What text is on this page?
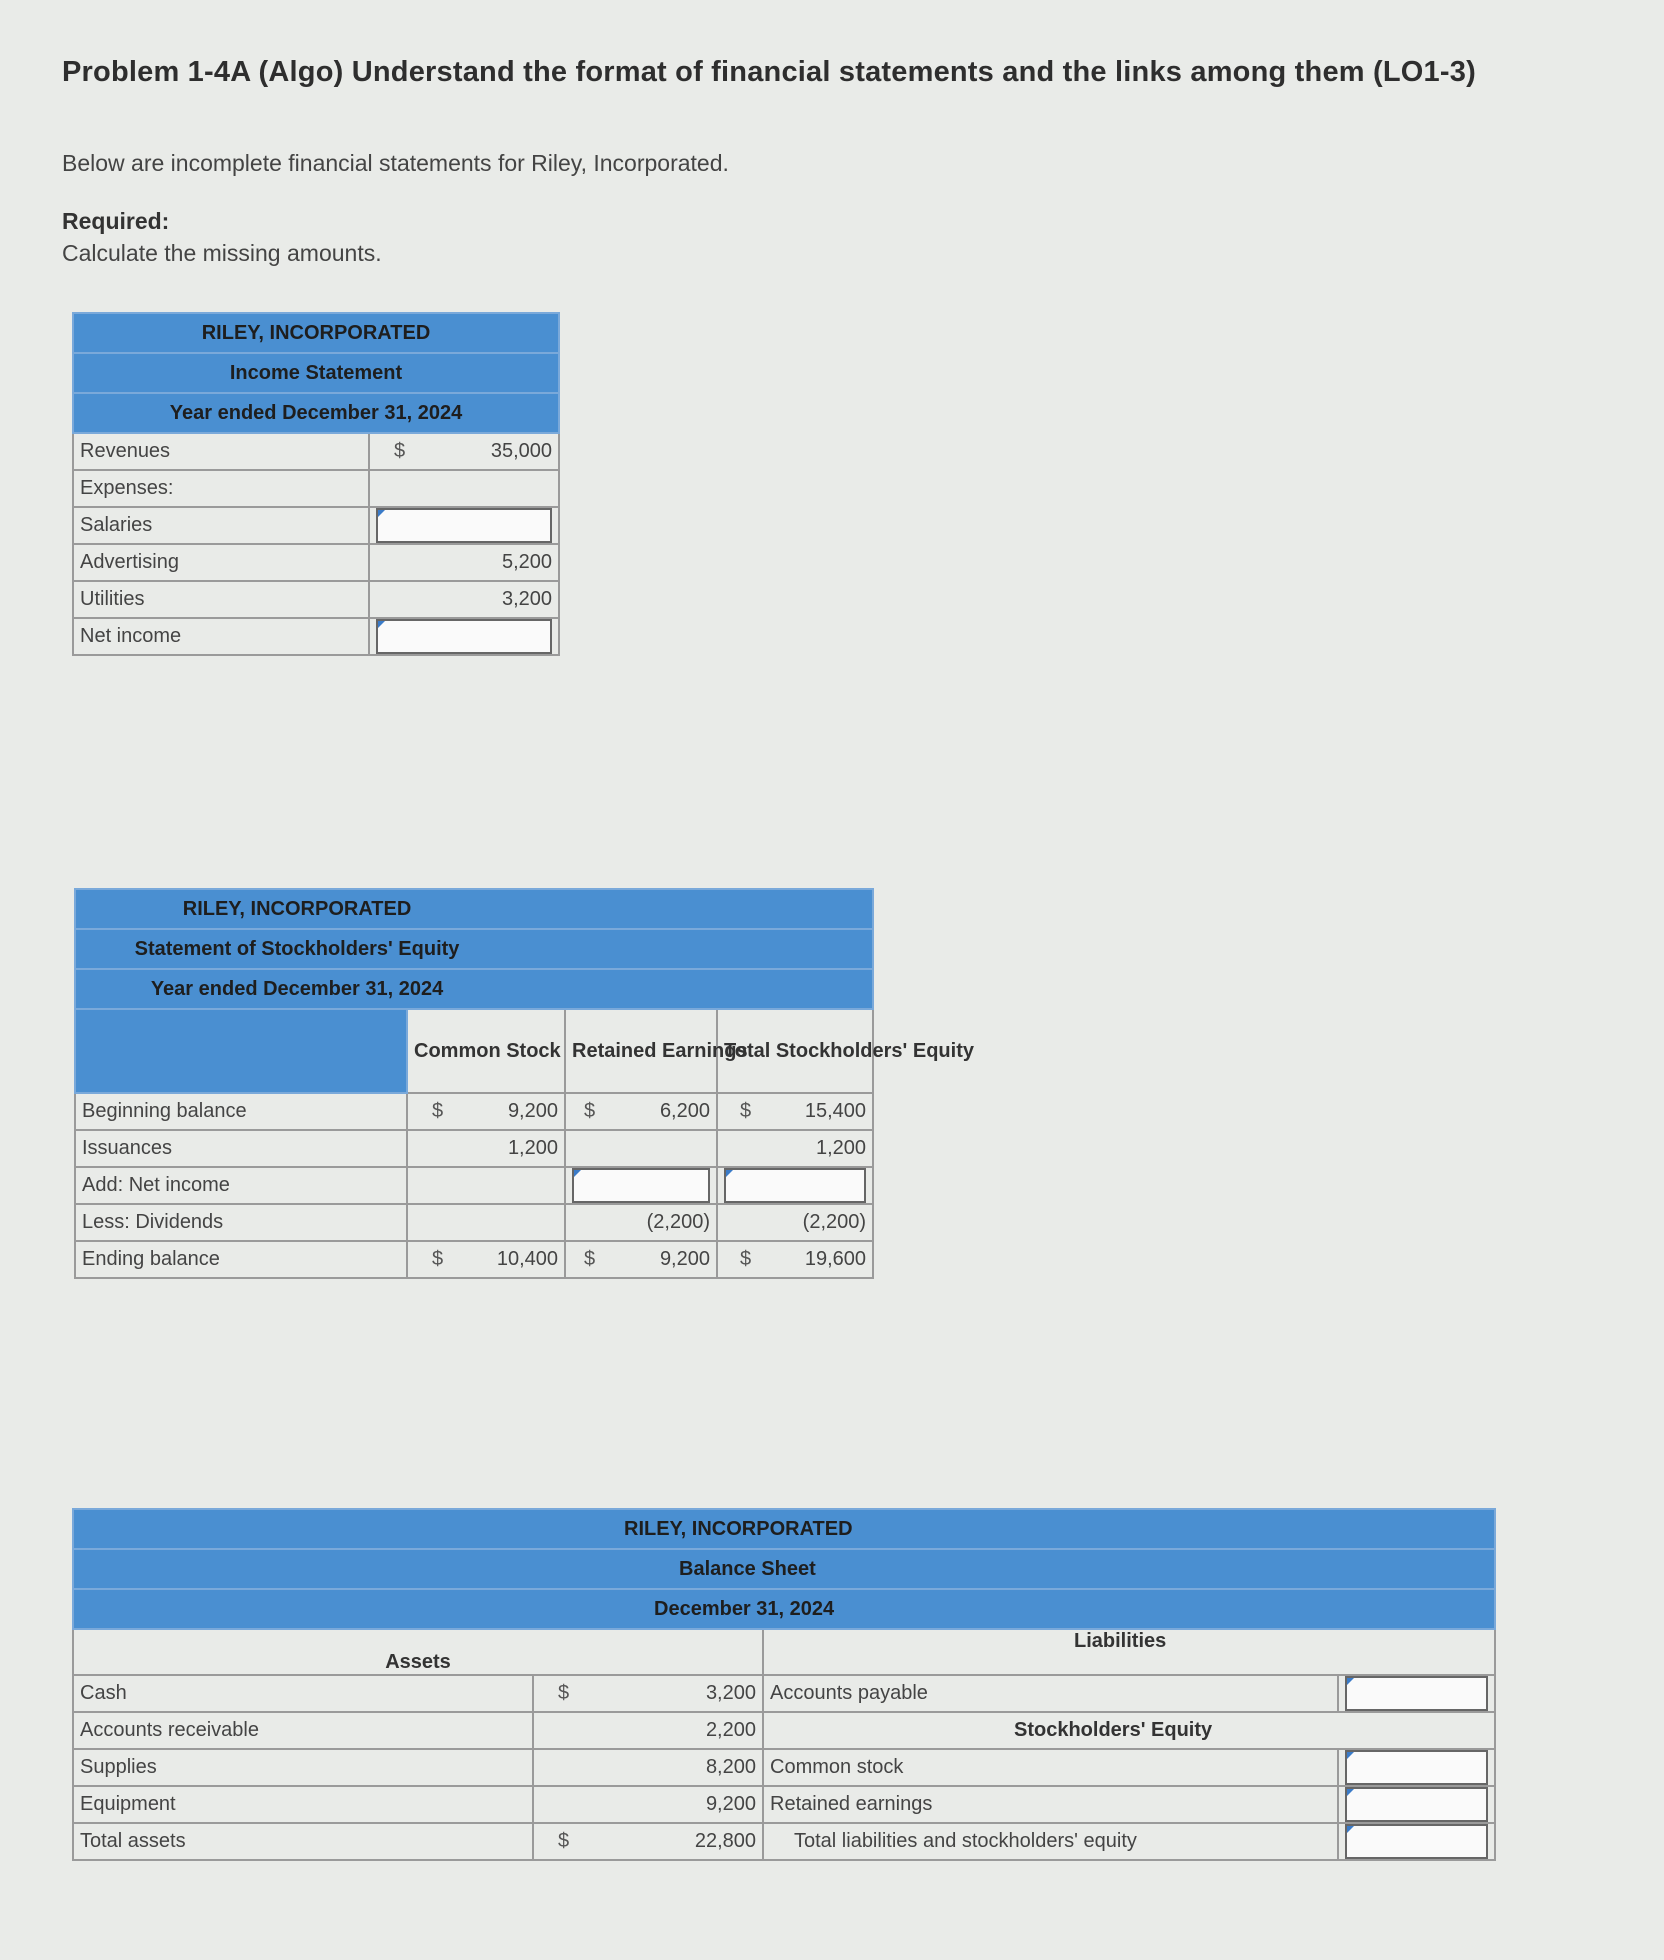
Problem 1-4A (Algo) Understand the format of financial statements and the links among them (LO1-3)
Below are incomplete financial statements for Riley, Incorporated.
Required:
Calculate the missing amounts.
RILEY, INCORPORATED	
Income Statement	
Year ended December 31, 2024	
Revenues	$ 35,000
Expenses:	
Salaries	

Advertising	5,200
Utilities	3,200
Net income	
RILEY, INCORPORATED			
Statement of Stockholders' Equity			
Year ended December 31, 2024			
	Common Stock	Retained Earnings	Total Stockholders' Equity
Beginning balance	$ 9,200	$ 6,200	$ 15,400
Issuances	1,200		1,200
Add: Net income		

Less: Dividends		(2,200)	(2,200)
Ending balance	$ 10,400	$ 9,200	$ 19,600
RILEY, INCORPORATED			
Balance Sheet			
December 31, 2024			
Assets		Liabilities	
Cash	$ 3,200	Accounts payable	

Accounts receivable	2,200	Stockholders' Equity	
Supplies	8,200	Common stock	

Equipment	9,200	Retained earnings	

Total assets	$ 22,800	Total liabilities and stockholders' equity	
